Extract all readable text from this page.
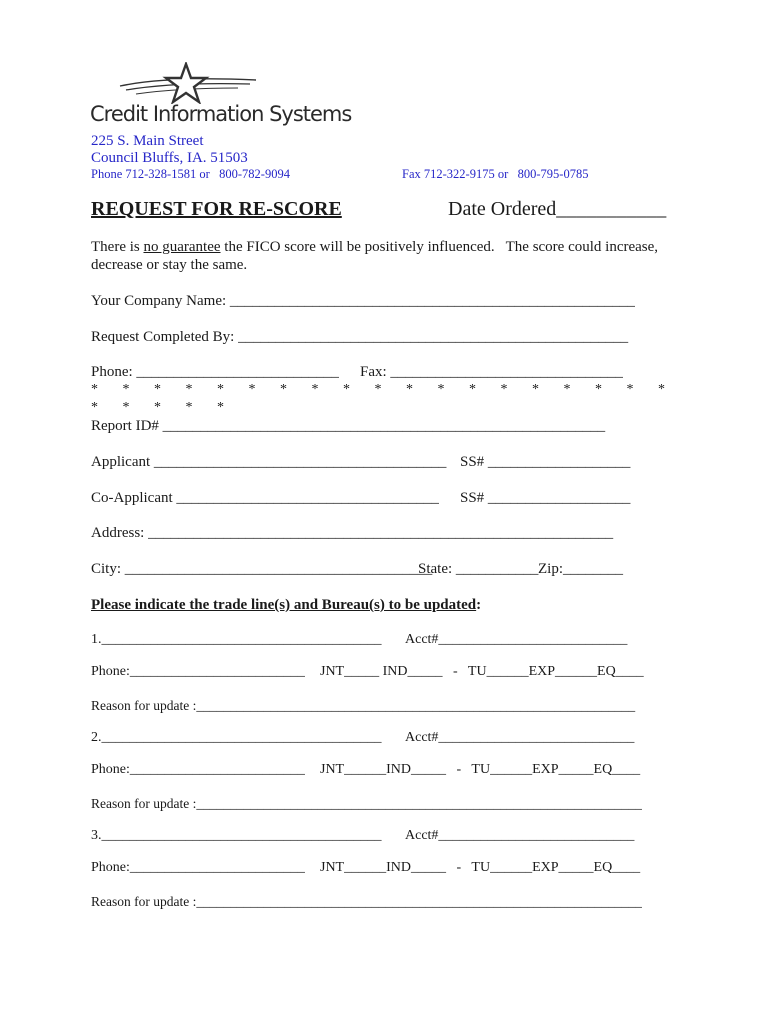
Credit Information Systems
225 S. Main Street
Council Bluffs, IA. 51503
Phone 712-328-1581 or   800-782-9094	Fax 712-322-9175 or   800-795-0785
REQUEST FOR RE-SCORE	Date Ordered___________
There is no guarantee the FICO score will be positively influenced.   The score could increase,
decrease or stay the same.
Your Company Name: ______________________________________________________
Request Completed By: ____________________________________________________
Phone: ___________________________ Fax: _______________________________
*       *       *       *       *       *       *       *       *       *       *       *       *       *       *       *       *       *       *
*       *       *       *       *
Report ID# ___________________________________________________________
Applicant _______________________________________ SS# ___________________
Co-Applicant ___________________________________ SS# ___________________
Address: ______________________________________________________________
City: _________________________________________
State: ___________ Zip:________
Please indicate the trade line(s) and Bureau(s) to be updated:
1.________________________________________ Acct#___________________________
Phone:_________________________ JNT_____ IND_____   -   TU______EXP______EQ____
Reason for update :_________________________________________________________________
2.________________________________________ Acct#____________________________
Phone:_________________________ JNT______IND_____   -   TU______EXP_____EQ____
Reason for update :__________________________________________________________________
3.________________________________________ Acct#____________________________
Phone:_________________________ JNT______IND_____   -   TU______EXP_____EQ____
Reason for update :__________________________________________________________________
